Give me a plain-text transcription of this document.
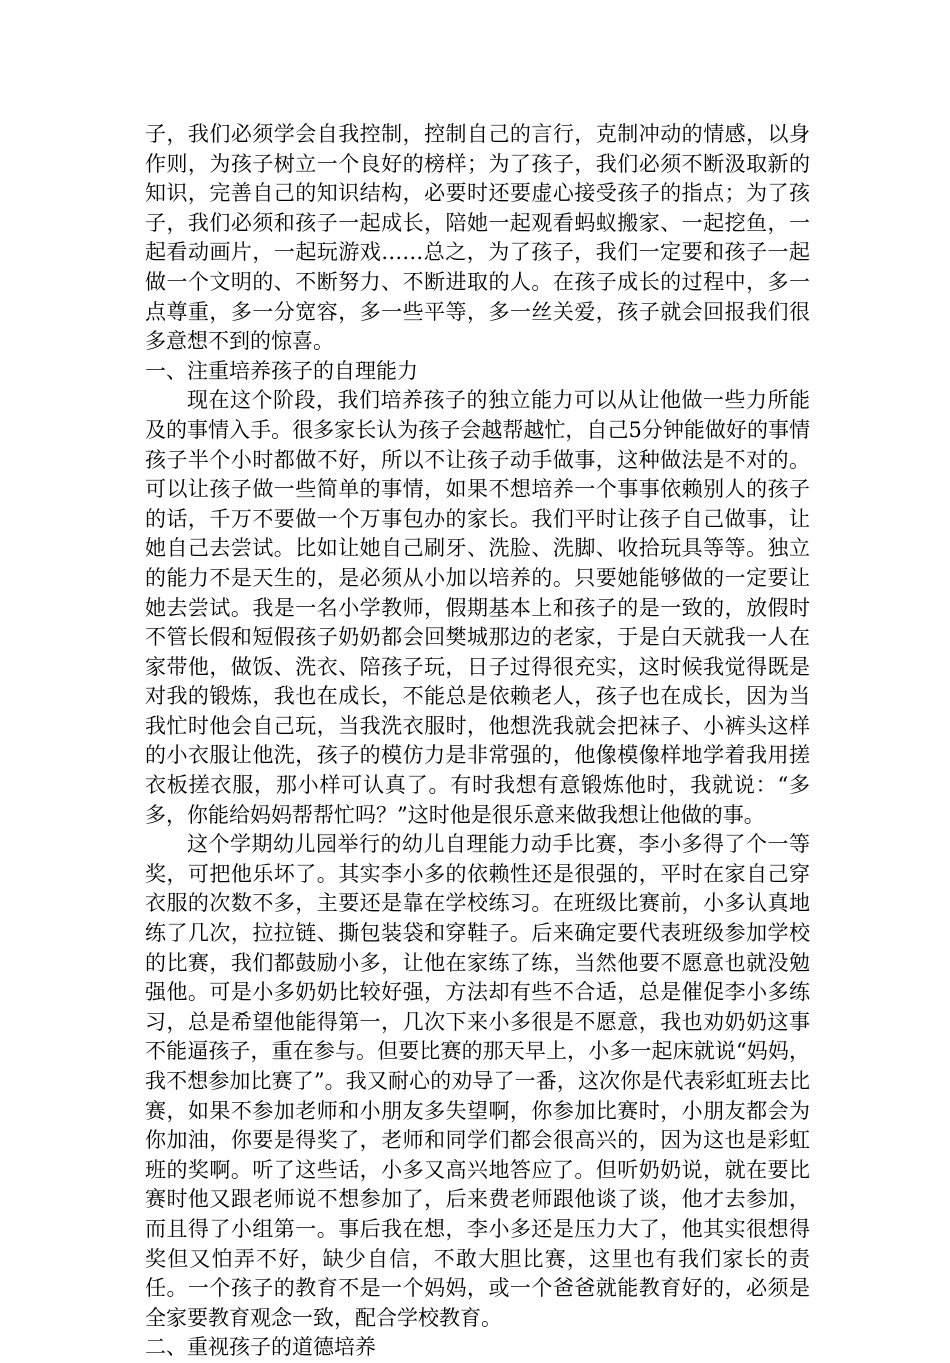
子，我们必须学会自我控制，控制自己的言行，克制冲动的情感，以身作则，为孩子树立一个良好的榜样；为了孩子，我们必须不断汲取新的知识，完善自己的知识结构，必要时还要虚心接受孩子的指点；为了孩子，我们必须和孩子一起成长，陪她一起观看蚂蚁搬家、一起挖鱼，一起看动画片，一起玩游戏……总之，为了孩子，我们一定要和孩子一起做一个文明的、不断努力、不断进取的人。在孩子成长的过程中，多一点尊重，多一分宽容，多一些平等，多一丝关爱，孩子就会回报我们很多意想不到的惊喜。

一、注重培养孩子的自理能力

现在这个阶段，我们培养孩子的独立能力可以从让他做一些力所能及的事情入手。很多家长认为孩子会越帮越忙，自己5分钟能做好的事情孩子半个小时都做不好，所以不让孩子动手做事，这种做法是不对的。可以让孩子做一些简单的事情，如果不想培养一个事事依赖别人的孩子的话，千万不要做一个万事包办的家长。我们平时让孩子自己做事，让她自己去尝试。比如让她自己刷牙、洗脸、洗脚、收拾玩具等等。独立的能力不是天生的，是必须从小加以培养的。只要她能够做的一定要让她去尝试。我是一名小学教师，假期基本上和孩子的是一致的，放假时不管长假和短假孩子奶奶都会回樊城那边的老家，于是白天就我一人在家带他，做饭、洗衣、陪孩子玩，日子过得很充实，这时候我觉得既是对我的锻炼，我也在成长，不能总是依赖老人，孩子也在成长，因为当我忙时他会自己玩，当我洗衣服时，他想洗我就会把袜子、小裤头这样的小衣服让他洗，孩子的模仿力是非常强的，他像模像样地学着我用搓衣板搓衣服，那小样可认真了。有时我想有意锻炼他时，我就说：“多多，你能给妈妈帮帮忙吗？”这时他是很乐意来做我想让他做的事。

这个学期幼儿园举行的幼儿自理能力动手比赛，李小多得了个一等奖，可把他乐坏了。其实李小多的依赖性还是很强的，平时在家自己穿衣服的次数不多，主要还是靠在学校练习。在班级比赛前，小多认真地练了几次，拉拉链、撕包装袋和穿鞋子。后来确定要代表班级参加学校的比赛，我们都鼓励小多，让他在家练了练，当然他要不愿意也就没勉强他。可是小多奶奶比较好强，方法却有些不合适，总是催促李小多练习，总是希望他能得第一，几次下来小多很是不愿意，我也劝奶奶这事不能逼孩子，重在参与。但要比赛的那天早上，小多一起床就说“妈妈，我不想参加比赛了”。我又耐心的劝导了一番，这次你是代表彩虹班去比赛，如果不参加老师和小朋友多失望啊，你参加比赛时，小朋友都会为你加油，你要是得奖了，老师和同学们都会很高兴的，因为这也是彩虹班的奖啊。听了这些话，小多又高兴地答应了。但听奶奶说，就在要比赛时他又跟老师说不想参加了，后来费老师跟他谈了谈，他才去参加，而且得了小组第一。事后我在想，李小多还是压力大了，他其实很想得奖但又怕弄不好，缺少自信，不敢大胆比赛，这里也有我们家长的责任。一个孩子的教育不是一个妈妈，或一个爸爸就能教育好的，必须是全家要教育观念一致，配合学校教育。

二、重视孩子的道德培养
